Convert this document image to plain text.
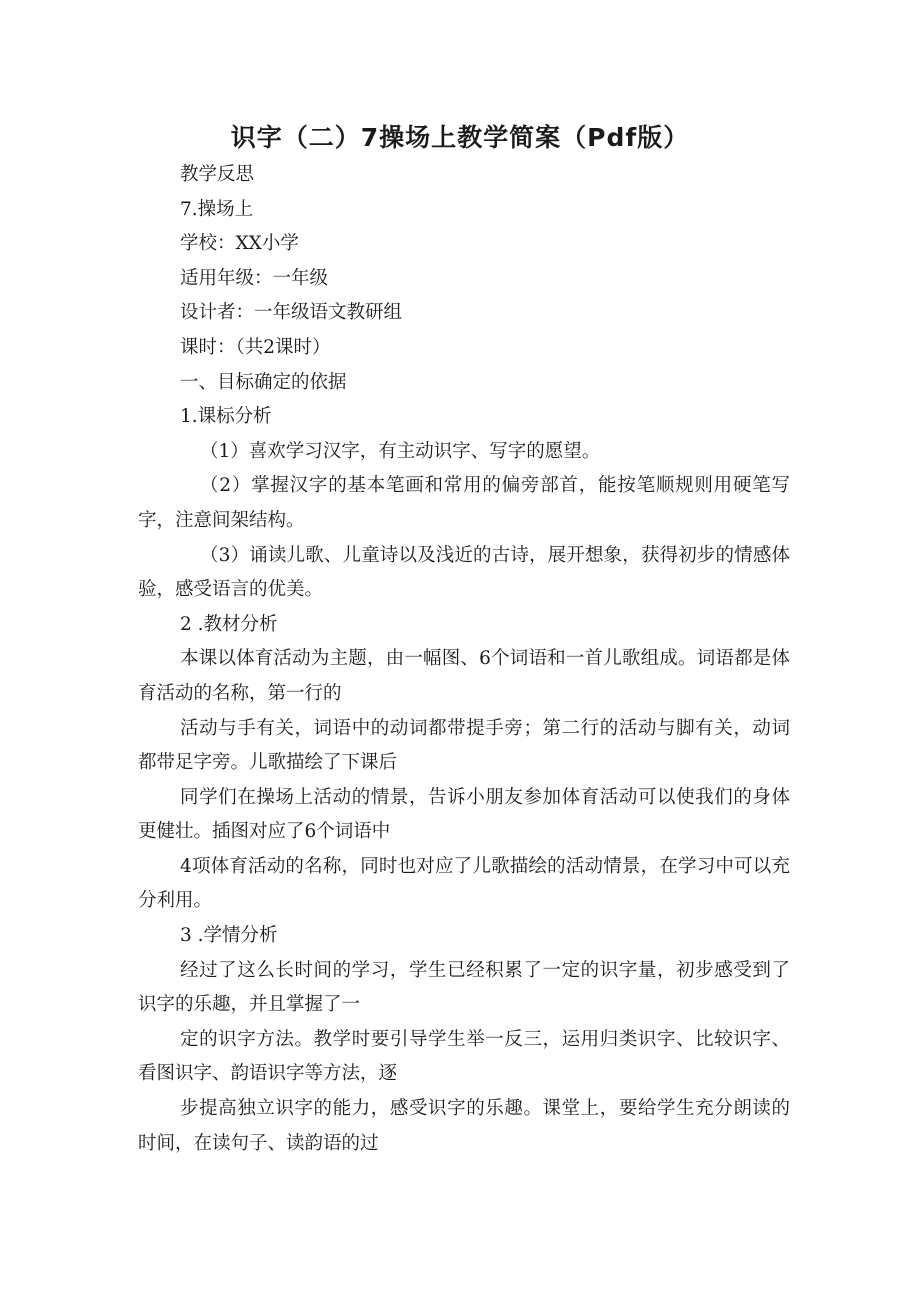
识字（二）7操场上教学简案（Pdf版）

教学反思

7.操场上

学校：XX小学

适用年级：一年级

设计者：一年级语文教研组

课时：（共2课时）

一、目标确定的依据

1.课标分析

（1）喜欢学习汉字，有主动识字、写字的愿望。

（2）掌握汉字的基本笔画和常用的偏旁部首，能按笔顺规则用硬笔写字，注意间架结构。

（3）诵读儿歌、儿童诗以及浅近的古诗，展开想象，获得初步的情感体验，感受语言的优美。

2 .教材分析

本课以体育活动为主题，由一幅图、6个词语和一首儿歌组成。词语都是体育活动的名称，第一行的

活动与手有关，词语中的动词都带提手旁；第二行的活动与脚有关，动词都带足字旁。儿歌描绘了下课后

同学们在操场上活动的情景，告诉小朋友参加体育活动可以使我们的身体更健壮。插图对应了6个词语中

4项体育活动的名称，同时也对应了儿歌描绘的活动情景，在学习中可以充分利用。

3 .学情分析

经过了这么长时间的学习，学生已经积累了一定的识字量，初步感受到了识字的乐趣，并且掌握了一

定的识字方法。教学时要引导学生举一反三，运用归类识字、比较识字、看图识字、韵语识字等方法，逐

步提高独立识字的能力，感受识字的乐趣。课堂上，要给学生充分朗读的时间，在读句子、读韵语的过
